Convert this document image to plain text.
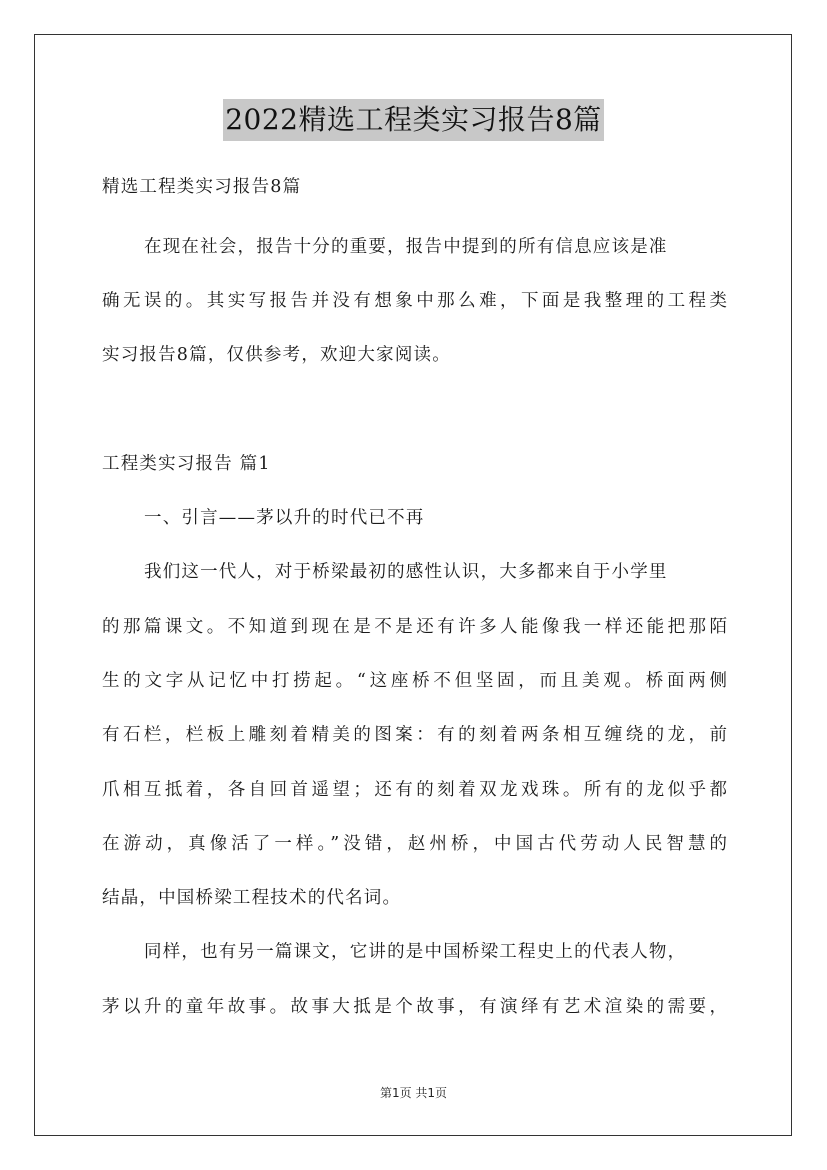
2022精选工程类实习报告8篇
精选工程类实习报告8篇
在现在社会，报告十分的重要，报告中提到的所有信息应该是准
确无误的。其实写报告并没有想象中那么难，下面是我整理的工程类
实习报告8篇，仅供参考，欢迎大家阅读。
工程类实习报告 篇1
一、引言——茅以升的时代已不再
我们这一代人，对于桥梁最初的感性认识，大多都来自于小学里
的那篇课文。不知道到现在是不是还有许多人能像我一样还能把那陌
生的文字从记忆中打捞起。“这座桥不但坚固，而且美观。桥面两侧
有石栏，栏板上雕刻着精美的图案：有的刻着两条相互缠绕的龙，前
爪相互抵着，各自回首遥望；还有的刻着双龙戏珠。所有的龙似乎都
在游动，真像活了一样。”没错，赵州桥，中国古代劳动人民智慧的
结晶，中国桥梁工程技术的代名词。
同样，也有另一篇课文，它讲的是中国桥梁工程史上的代表人物，
茅以升的童年故事。故事大抵是个故事，有演绎有艺术渲染的需要，
第1页 共1页
